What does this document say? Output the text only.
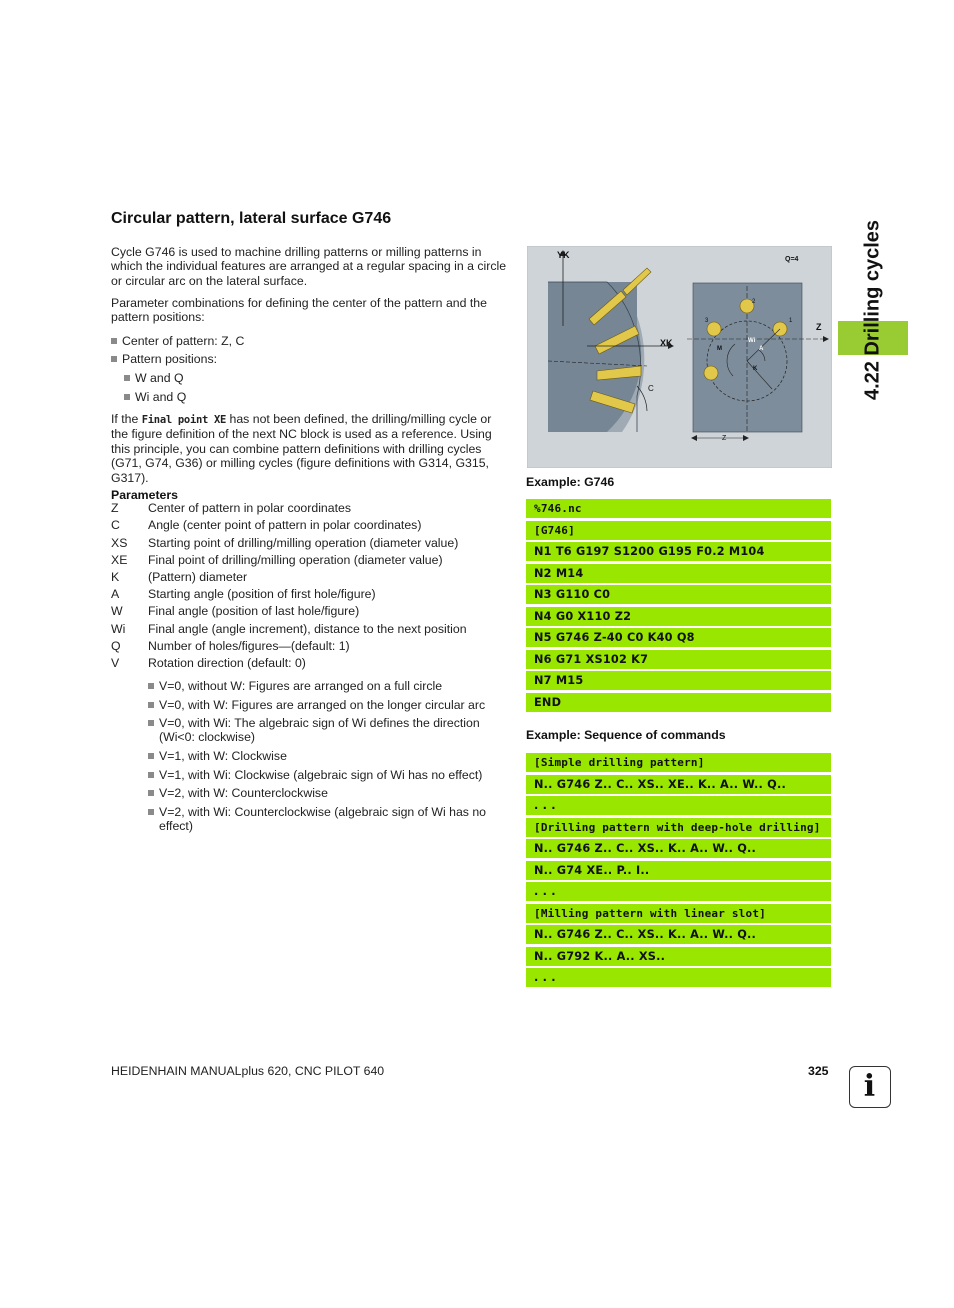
Circular pattern, lateral surface G746
4.22 Drilling cycles

Cycle G746 is used to machine drilling patterns or milling patterns in which the individual features are arranged at a regular spacing in a circle or circular arc on the lateral surface.

Parameter combinations for defining the center of the pattern and the pattern positions:

Center of pattern: Z, C
Pattern positions:
W and Q
Wi and Q

If the Final point XE has not been defined, the drilling/milling cycle or the figure definition of the next NC block is used as a reference. Using this principle, you can combine pattern definitions with drilling cycles (G71, G74, G36) or milling cycles (figure definitions with G314, G315, G317).

Parameters
Z Center of pattern in polar coordinates
C Angle (center point of pattern in polar coordinates)
XS Starting point of drilling/milling operation (diameter value)
XE Final point of drilling/milling operation (diameter value)
K (Pattern) diameter
A Starting angle (position of first hole/figure)
W Final angle (position of last hole/figure)
Wi Final angle (angle increment), distance to the next position
Q Number of holes/figures—(default: 1)
V Rotation direction (default: 0)
V=0, without W: Figures are arranged on a full circle
V=0, with W: Figures are arranged on the longer circular arc
V=0, with Wi: The algebraic sign of Wi defines the direction (Wi<0: clockwise)
V=1, with W: Clockwise
V=1, with Wi: Clockwise (algebraic sign of Wi has no effect)
V=2, with W: Counterclockwise
V=2, with Wi: Counterclockwise (algebraic sign of Wi has no effect)
YK
XK
C
Q=4
Z
Z
M
Wi
A
K
1
2
3
Example: G746
%746.nc
[G746]
N1 T6 G197 S1200 G195 F0.2 M104
N2 M14
N3 G110 C0
N4 G0 X110 Z2
N5 G746 Z-40 C0 K40 Q8
N6 G71 XS102 K7
N7 M15
END
Example: Sequence of commands
[Simple drilling pattern]
N.. G746 Z.. C.. XS.. XE.. K.. A.. W.. Q..
. . .
[Drilling pattern with deep-hole drilling]
N.. G746 Z.. C.. XS.. K.. A.. W.. Q..
N.. G74 XE.. P.. I..
. . .
[Milling pattern with linear slot]
N.. G746 Z.. C.. XS.. K.. A.. W.. Q..
N.. G792 K.. A.. XS..
. . .
HEIDENHAIN MANUALplus 620, CNC PILOT 640	325	i
